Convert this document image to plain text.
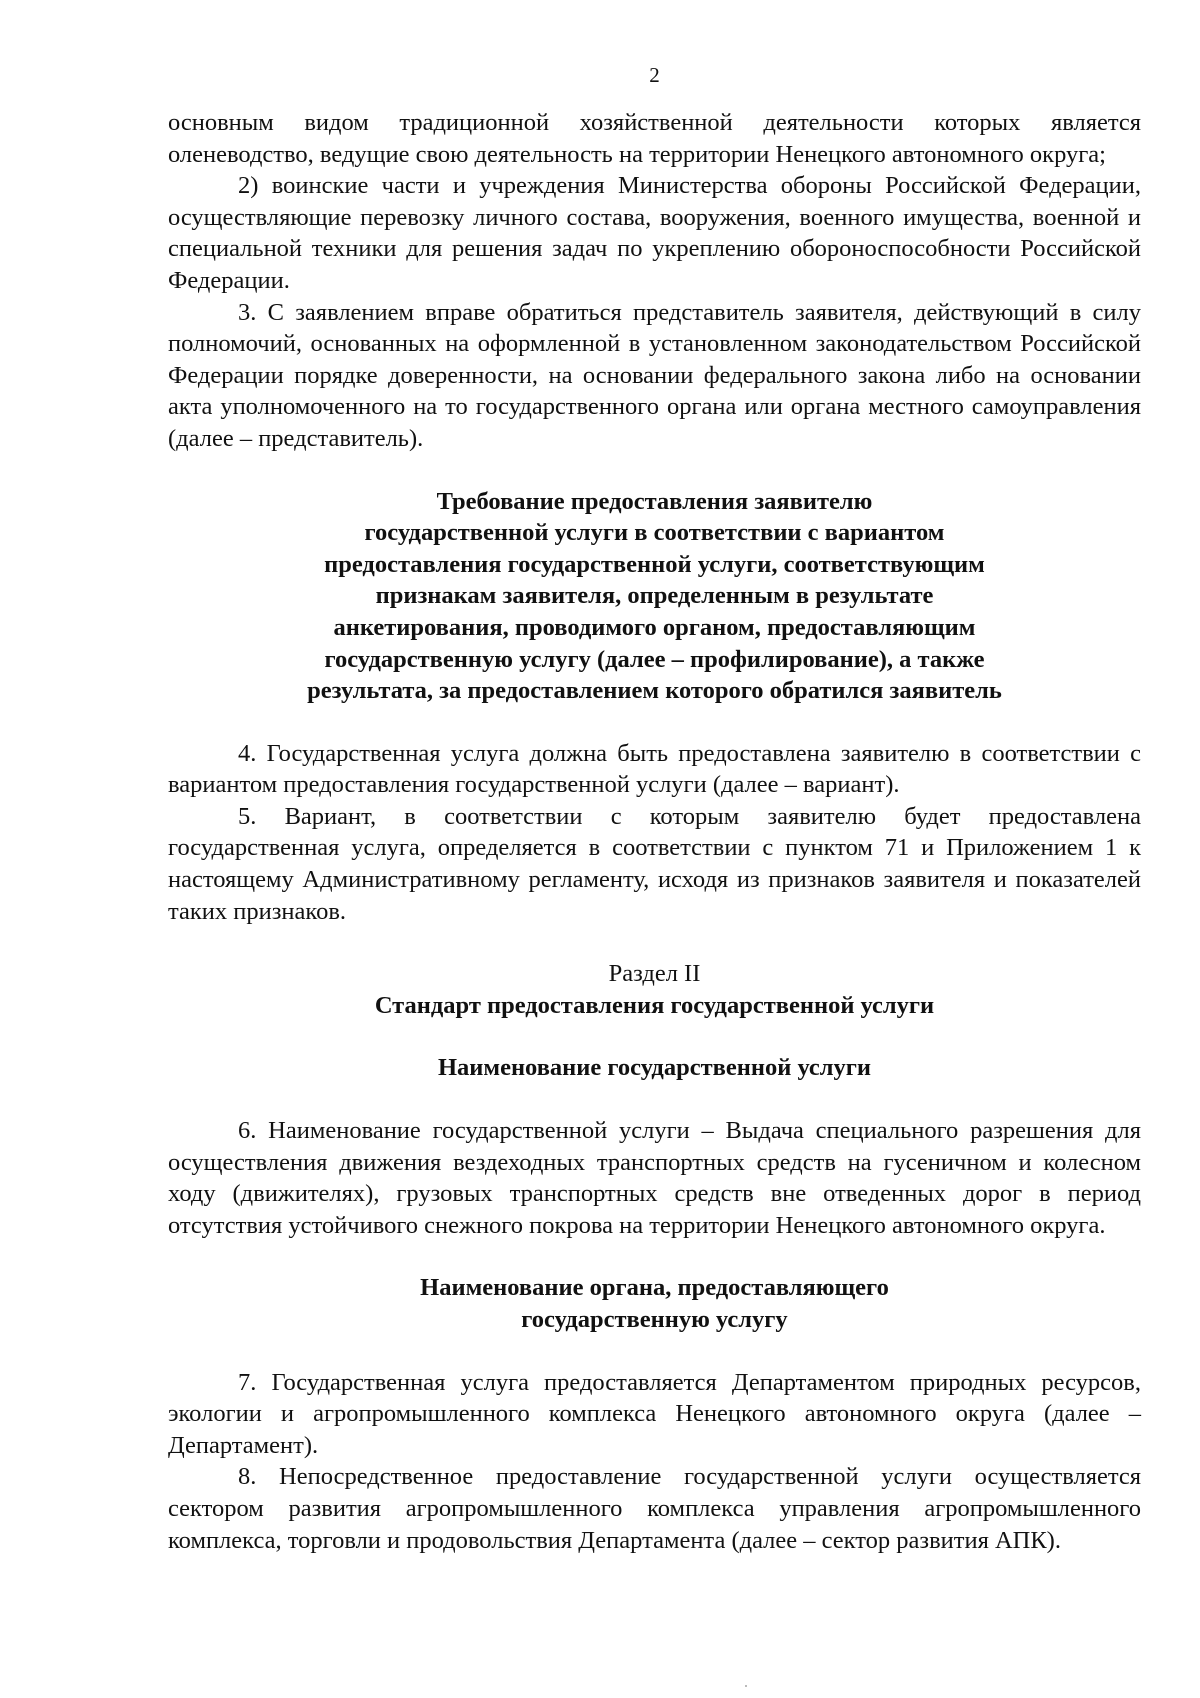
2

основным видом традиционной хозяйственной деятельности которых является оленеводство, ведущие свою деятельность на территории Ненецкого автономного округа;

2) воинские части и учреждения Министерства обороны Российской Федерации, осуществляющие перевозку личного состава, вооружения, военного имущества, военной и специальной техники для решения задач по укреплению обороноспособности Российской Федерации.

3. С заявлением вправе обратиться представитель заявителя, действующий в силу полномочий, основанных на оформленной в установленном законодательством Российской Федерации порядке доверенности, на основании федерального закона либо на основании акта уполномоченного на то государственного органа или органа местного самоуправления (далее – представитель).

Требование предоставления заявителю
государственной услуги в соответствии с вариантом
предоставления государственной услуги, соответствующим
признакам заявителя, определенным в результате
анкетирования, проводимого органом, предоставляющим
государственную услугу (далее – профилирование), а также
результата, за предоставлением которого обратился заявитель

4. Государственная услуга должна быть предоставлена заявителю в соответствии с вариантом предоставления государственной услуги (далее – вариант).

5. Вариант, в соответствии с которым заявителю будет предоставлена государственная услуга, определяется в соответствии с пунктом 71 и Приложением 1 к настоящему Административному регламенту, исходя из признаков заявителя и показателей таких признаков.

Раздел II
Стандарт предоставления государственной услуги
Наименование государственной услуги

6. Наименование государственной услуги – Выдача специального разрешения для осуществления движения вездеходных транспортных средств на гусеничном и колесном ходу (движителях), грузовых транспортных средств вне отведенных дорог в период отсутствия устойчивого снежного покрова на территории Ненецкого автономного округа.

Наименование органа, предоставляющего
государственную услугу

7. Государственная услуга предоставляется Департаментом природных ресурсов, экологии и агропромышленного комплекса Ненецкого автономного округа (далее – Департамент).

8. Непосредственное предоставление государственной услуги осуществляется сектором развития агропромышленного комплекса управления агропромышленного комплекса, торговли и продовольствия Департамента (далее – сектор развития АПК).
